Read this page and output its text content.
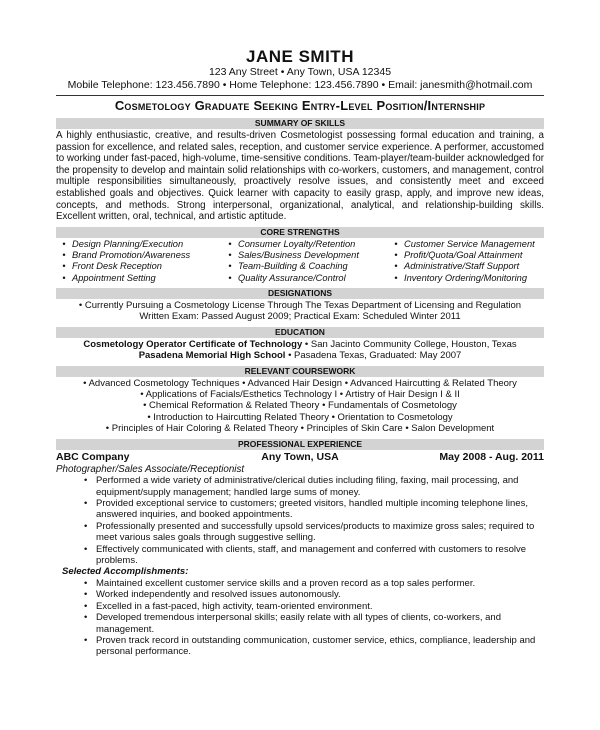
JANE SMITH
123 Any Street • Any Town, USA 12345
Mobile Telephone: 123.456.7890 • Home Telephone: 123.456.7890 • Email: janesmith@hotmail.com
Cosmetology Graduate Seeking Entry-Level Position/Internship
SUMMARY OF SKILLS

A highly enthusiastic, creative, and results-driven Cosmetologist possessing formal education and training, a passion for excellence, and related sales, reception, and customer service experience. A performer, accustomed to working under fast-paced, high-volume, time-sensitive conditions. Team-player/team-builder acknowledged for the propensity to develop and maintain solid relationships with co-workers, customers, and management, control multiple responsibilities simultaneously, proactively resolve issues, and consistently meet and exceed established goals and objectives. Quick learner with capacity to easily grasp, apply, and improve new ideas, concepts, and methods. Strong interpersonal, organizational, analytical, and relationship-building skills. Excellent written, oral, technical, and artistic aptitude.

CORE STRENGTHS
• Design Planning/Execution	• Consumer Loyalty/Retention	• Customer Service Management
• Brand Promotion/Awareness	• Sales/Business Development	• Profit/Quota/Goal Attainment
• Front Desk Reception	• Team-Building & Coaching	• Administrative/Staff Support
• Appointment Setting	• Quality Assurance/Control	• Inventory Ordering/Monitoring
DESIGNATIONS
• Currently Pursuing a Cosmetology License Through The Texas Department of Licensing and Regulation
Written Exam: Passed August 2009; Practical Exam: Scheduled Winter 2011
EDUCATION
Cosmetology Operator Certificate of Technology • San Jacinto Community College, Houston, Texas
Pasadena Memorial High School • Pasadena Texas, Graduated: May 2007
RELEVANT COURSEWORK
• Advanced Cosmetology Techniques • Advanced Hair Design • Advanced Haircutting & Related Theory
• Applications of Facials/Esthetics Technology I • Artistry of Hair Design I & II
• Chemical Reformation & Related Theory • Fundamentals of Cosmetology
• Introduction to Haircutting Related Theory • Orientation to Cosmetology
• Principles of Hair Coloring & Related Theory • Principles of Skin Care • Salon Development
PROFESSIONAL EXPERIENCE
ABC Company	Any Town, USA	May 2008 - Aug. 2011
Photographer/Sales Associate/Receptionist
• Performed a wide variety of administrative/clerical duties including filing, faxing, mail processing, and equipment/supply management; handled large sums of money.
• Provided exceptional service to customers; greeted visitors, handled multiple incoming telephone lines, answered inquiries, and booked appointments.
• Professionally presented and successfully upsold services/products to maximize gross sales; required to meet various sales goals through suggestive selling.
• Effectively communicated with clients, staff, and management and conferred with customers to resolve problems.
Selected Accomplishments:
• Maintained excellent customer service skills and a proven record as a top sales performer.
• Worked independently and resolved issues autonomously.
• Excelled in a fast-paced, high activity, team-oriented environment.
• Developed tremendous interpersonal skills; easily relate with all types of clients, co-workers, and management.
• Proven track record in outstanding communication, customer service, ethics, compliance, leadership and personal performance.
